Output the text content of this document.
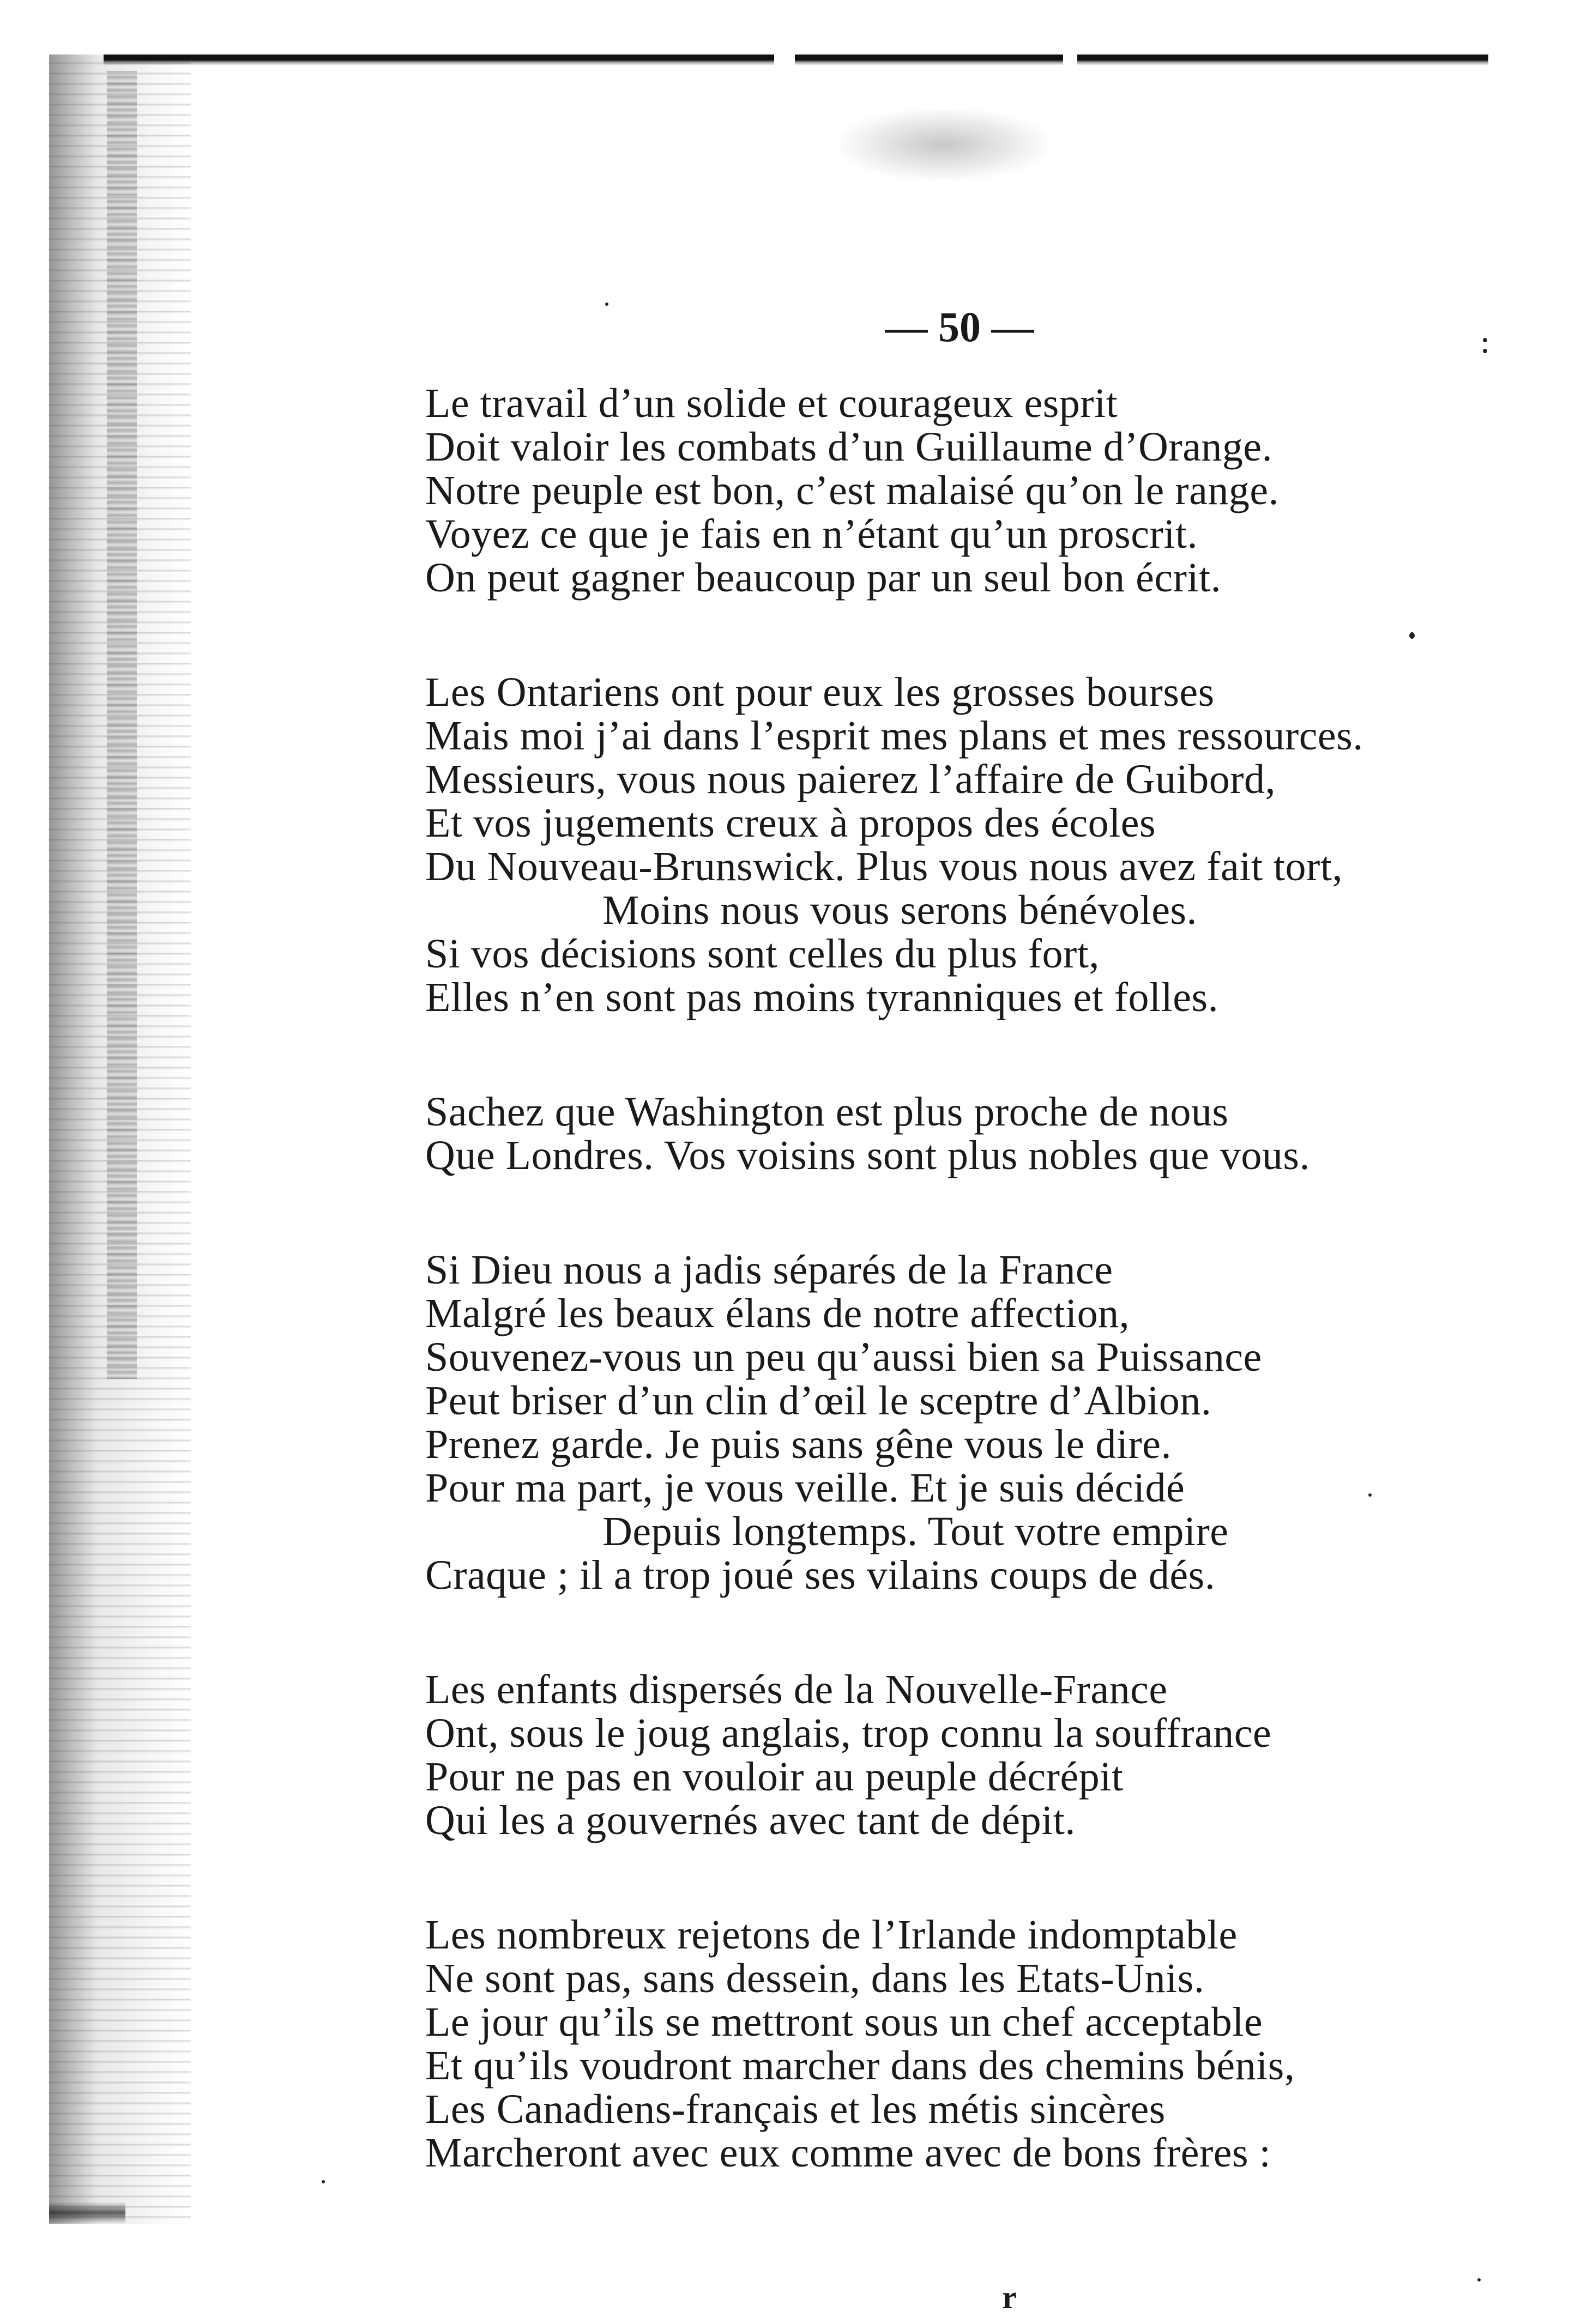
— 50 —
Le travail d’un solide et courageux esprit
Doit valoir les combats d’un Guillaume d’Orange.
Notre peuple est bon, c’est malaisé qu’on le range.
Voyez ce que je fais en n’étant qu’un proscrit.
On peut gagner beaucoup par un seul bon écrit.
Les Ontariens ont pour eux les grosses bourses
Mais moi j’ai dans l’esprit mes plans et mes ressources.
Messieurs, vous nous paierez l’affaire de Guibord,
Et vos jugements creux à propos des écoles
Du Nouveau-Brunswick. Plus vous nous avez fait tort,
Moins nous vous serons bénévoles.
Si vos décisions sont celles du plus fort,
Elles n’en sont pas moins tyranniques et folles.
Sachez que Washington est plus proche de nous
Que Londres. Vos voisins sont plus nobles que vous.
Si Dieu nous a jadis séparés de la France
Malgré les beaux élans de notre affection,
Souvenez-vous un peu qu’aussi bien sa Puissance
Peut briser d’un clin d’œil le sceptre d’Albion.
Prenez garde. Je puis sans gêne vous le dire.
Pour ma part, je vous veille. Et je suis décidé
Depuis longtemps. Tout votre empire
Craque ; il a trop joué ses vilains coups de dés.
Les enfants dispersés de la Nouvelle-France
Ont, sous le joug anglais, trop connu la souffrance
Pour ne pas en vouloir au peuple décrépit
Qui les a gouvernés avec tant de dépit.
Les nombreux rejetons de l’Irlande indomptable
Ne sont pas, sans dessein, dans les Etats-Unis.
Le jour qu’ils se mettront sous un chef acceptable
Et qu’ils voudront marcher dans des chemins bénis,
Les Canadiens-français et les métis sincères
Marcheront avec eux comme avec de bons frères :
r
